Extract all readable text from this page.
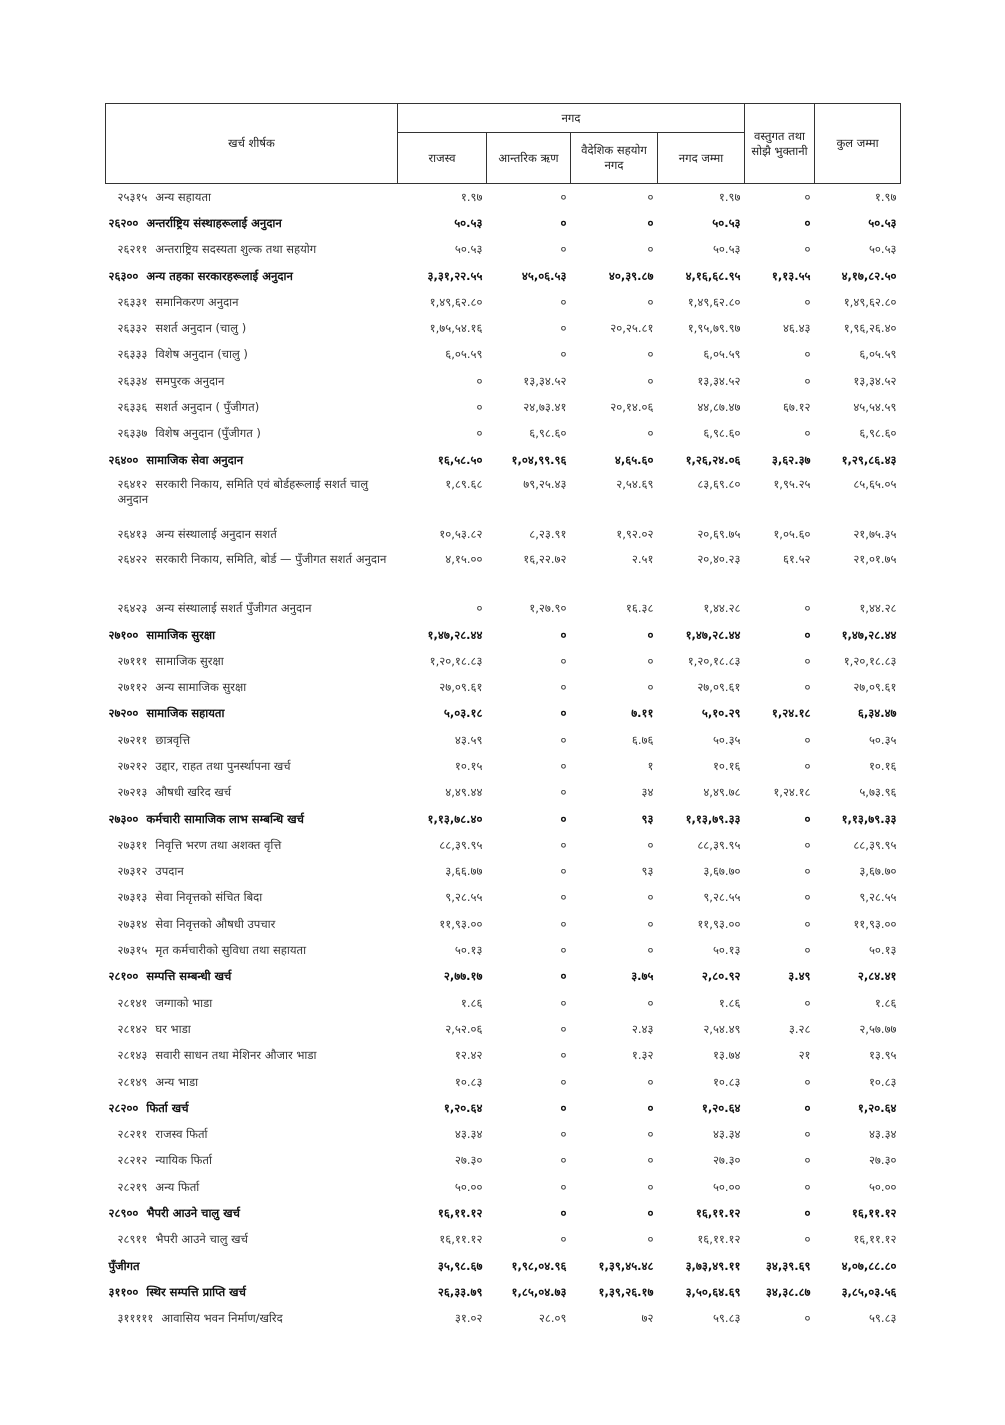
खर्च शीर्षक	नगद				वस्तुगत तथा सोझै भुक्तानी	कुल जम्मा
	राजस्व	आन्तरिक ऋण	वैदेशिक सहयोग नगद	नगद जम्मा		
२५३१५ अन्य सहायता	१.९७	०	०	१.९७	०	१.९७
२६२०० अन्तर्राष्ट्रिय संस्थाहरूलाई अनुदान	५०.५३	०	०	५०.५३	०	५०.५३
२६२११ अन्तराष्ट्रिय सदस्यता शुल्क तथा सहयोग	५०.५३	०	०	५०.५३	०	५०.५३
२६३०० अन्य तहका सरकारहरूलाई अनुदान	३,३१,२२.५५	४५,०६.५३	४०,३९.८७	४,१६,६८.९५	१,१३.५५	४,१७,८२.५०
२६३३१ समानिकरण अनुदान	१,४९,६२.८०	०	०	१,४९,६२.८०	०	१,४९,६२.८०
२६३३२ सशर्त अनुदान (चालु )	१,७५,५४.१६	०	२०,२५.८१	१,९५,७९.९७	४६.४३	१,९६,२६.४०
२६३३३ विशेष अनुदान (चालु )	६,०५.५९	०	०	६,०५.५९	०	६,०५.५९
२६३३४ समपुरक अनुदान	०	१३,३४.५२	०	१३,३४.५२	०	१३,३४.५२
२६३३६ सशर्त अनुदान ( पुँजीगत)	०	२४,७३.४१	२०,१४.०६	४४,८७.४७	६७.१२	४५,५४.५९
२६३३७ विशेष अनुदान (पुँजीगत )	०	६,९८.६०	०	६,९८.६०	०	६,९८.६०
२६४०० सामाजिक सेवा अनुदान	१६,५८.५०	१,०४,९९.९६	४,६५.६०	१,२६,२४.०६	३,६२.३७	१,२९,८६.४३
२६४१२ सरकारी निकाय, समिति एवं बोर्डहरूलाई सशर्त चालु अनुदान	१,८९.६८	७९,२५.४३	२,५४.६९	८३,६९.८०	१,९५.२५	८५,६५.०५
२६४१३ अन्य संस्थालाई अनुदान सशर्त	१०,५३.८२	८,२३.९१	१,९२.०२	२०,६९.७५	१,०५.६०	२१,७५.३५
२६४२२ सरकारी निकाय, समिति, बोर्ड — पुँजीगत सशर्त अनुदान	४,१५.००	१६,२२.७२	२.५१	२०,४०.२३	६१.५२	२१,०१.७५
२६४२३ अन्य संस्थालाई सशर्त पुँजीगत अनुदान	०	१,२७.९०	१६.३८	१,४४.२८	०	१,४४.२८
२७१०० सामाजिक सुरक्षा	१,४७,२८.४४	०	०	१,४७,२८.४४	०	१,४७,२८.४४
२७१११ सामाजिक सुरक्षा	१,२०,१८.८३	०	०	१,२०,१८.८३	०	१,२०,१८.८३
२७११२ अन्य सामाजिक सुरक्षा	२७,०९.६१	०	०	२७,०९.६१	०	२७,०९.६१
२७२०० सामाजिक सहायता	५,०३.१८	०	७.११	५,१०.२९	१,२४.१८	६,३४.४७
२७२११ छात्रवृत्ति	४३.५९	०	६.७६	५०.३५	०	५०.३५
२७२१२ उद्दार, राहत तथा पुनर्स्थापना खर्च	१०.१५	०	१	१०.१६	०	१०.१६
२७२१३ औषधी खरिद खर्च	४,४९.४४	०	३४	४,४९.७८	१,२४.१८	५,७३.९६
२७३०० कर्मचारी सामाजिक लाभ सम्बन्धि खर्च	१,१३,७८.४०	०	९३	१,१३,७९.३३	०	१,१३,७९.३३
२७३११ निवृत्ति भरण तथा अशक्त वृत्ति	८८,३९.९५	०	०	८८,३९.९५	०	८८,३९.९५
२७३१२ उपदान	३,६६.७७	०	९३	३,६७.७०	०	३,६७.७०
२७३१३ सेवा निवृत्तको संचित बिदा	९,२८.५५	०	०	९,२८.५५	०	९,२८.५५
२७३१४ सेवा निवृत्तको औषधी उपचार	११,९३.००	०	०	११,९३.००	०	११,९३.००
२७३१५ मृत कर्मचारीको सुविधा तथा सहायता	५०.१३	०	०	५०.१३	०	५०.१३
२८१०० सम्पत्ति सम्बन्धी खर्च	२,७७.१७	०	३.७५	२,८०.९२	३.४९	२,८४.४१
२८१४१ जग्गाको भाडा	१.८६	०	०	१.८६	०	१.८६
२८१४२ घर भाडा	२,५२.०६	०	२.४३	२,५४.४९	३.२८	२,५७.७७
२८१४३ सवारी साधन तथा मेशिनर औजार भाडा	१२.४२	०	१.३२	१३.७४	२१	१३.९५
२८१४९ अन्य भाडा	१०.८३	०	०	१०.८३	०	१०.८३
२८२०० फिर्ता खर्च	१,२०.६४	०	०	१,२०.६४	०	१,२०.६४
२८२११ राजस्व फिर्ता	४३.३४	०	०	४३.३४	०	४३.३४
२८२१२ न्यायिक फिर्ता	२७.३०	०	०	२७.३०	०	२७.३०
२८२१९ अन्य फिर्ता	५०.००	०	०	५०.००	०	५०.००
२८९०० भैपरी आउने चालु खर्च	१६,११.१२	०	०	१६,११.१२	०	१६,११.१२
२८९११ भैपरी आउने चालु खर्च	१६,११.१२	०	०	१६,११.१२	०	१६,११.१२
पुँजीगत	३५,९८.६७	१,९८,०४.९६	१,३९,४५.४८	३,७३,४९.११	३४,३९.६९	४,०७,८८.८०
३११०० स्थिर सम्पत्ति प्राप्ति खर्च	२६,३३.७९	१,८५,०४.७३	१,३९,२६.१७	३,५०,६४.६९	३४,३८.८७	३,८५,०३.५६
३१११११ आवासिय भवन निर्माण/खरिद	३१.०२	२८.०९	७२	५९.८३	०	५९.८३
